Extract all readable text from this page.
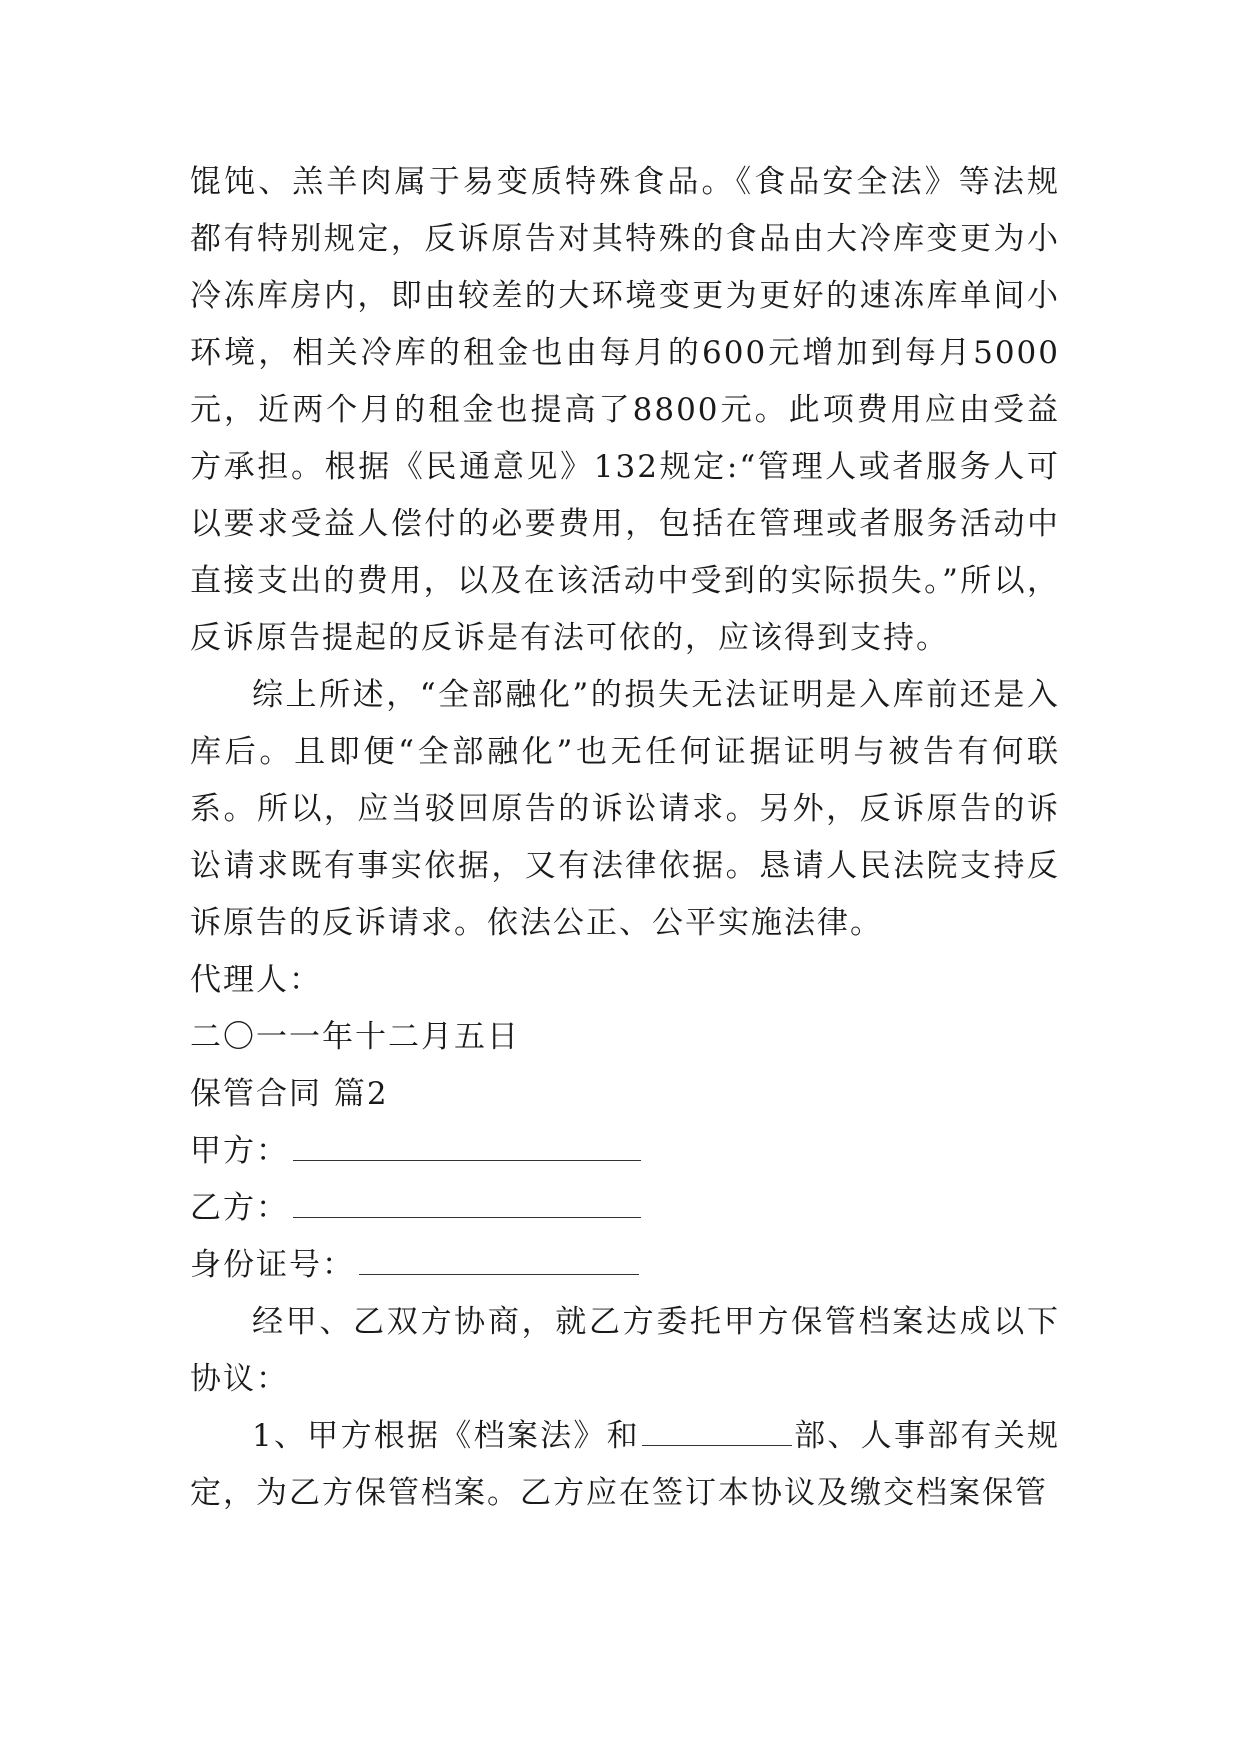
馄饨、羔羊肉属于易变质特殊食品。《食品安全法》等法规都有特别规定，反诉原告对其特殊的食品由大冷库变更为小冷冻库房内，即由较差的大环境变更为更好的速冻库单间小环境，相关冷库的租金也由每月的600元增加到每月5000元，近两个月的租金也提高了8800元。此项费用应由受益方承担。根据《民通意见》132规定:“管理人或者服务人可以要求受益人偿付的必要费用，包括在管理或者服务活动中直接支出的费用，以及在该活动中受到的实际损失。”所以，反诉原告提起的反诉是有法可依的，应该得到支持。

综上所述，“全部融化”的损失无法证明是入库前还是入库后。且即便“全部融化”也无任何证据证明与被告有何联系。所以，应当驳回原告的诉讼请求。另外，反诉原告的诉讼请求既有事实依据，又有法律依据。恳请人民法院支持反诉原告的反诉请求。依法公正、公平实施法律。

代理人：

二〇一一年十二月五日

保管合同 篇2

甲方：

乙方：

身份证号：

经甲、乙双方协商，就乙方委托甲方保管档案达成以下协议：

1、甲方根据《档案法》和	部、人事部有关规定，为乙方保管档案。乙方应在签订本协议及缴交档案保管
